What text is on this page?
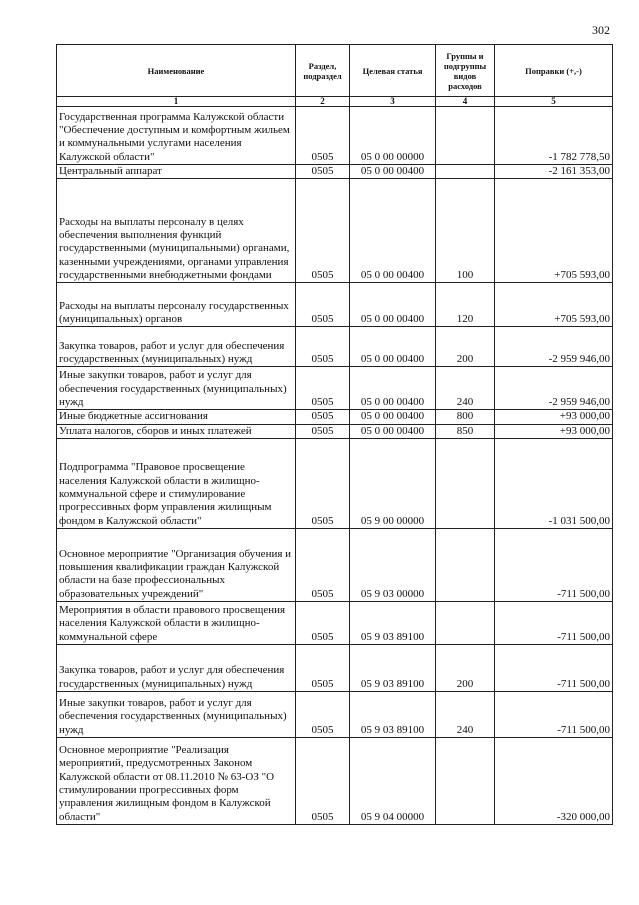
302
Наименование	Раздел, подраздел	Целевая статья	Группы и подгруппы видов расходов	Поправки (+,-)
1	2	3	4	5
Государственная программа Калужской области "Обеспечение доступным и комфортным жильем и коммунальными услугами населения Калужской области"	0505	05 0 00 00000		-1 782 778,50
Центральный аппарат	0505	05 0 00 00400		-2 161 353,00
Расходы на выплаты персоналу в целях обеспечения выполнения функций государственными (муниципальными) органами, казенными учреждениями, органами управления государственными внебюджетными фондами	0505	05 0 00 00400	100	+705 593,00
Расходы на выплаты персоналу государственных (муниципальных) органов	0505	05 0 00 00400	120	+705 593,00
Закупка товаров, работ и услуг для обеспечения государственных (муниципальных) нужд	0505	05 0 00 00400	200	-2 959 946,00
Иные закупки товаров, работ и услуг для обеспечения государственных (муниципальных) нужд	0505	05 0 00 00400	240	-2 959 946,00
Иные бюджетные ассигнования	0505	05 0 00 00400	800	+93 000,00
Уплата налогов, сборов и иных платежей	0505	05 0 00 00400	850	+93 000,00
Подпрограмма "Правовое просвещение населения Калужской области в жилищно-коммунальной сфере и стимулирование прогрессивных форм управления жилищным фондом в Калужской области"	0505	05 9 00 00000		-1 031 500,00
Основное мероприятие "Организация обучения и повышения квалификации граждан Калужской области на базе профессиональных образовательных учреждений"	0505	05 9 03 00000		-711 500,00
Мероприятия в области правового просвещения населения Калужской области в жилищно-коммунальной сфере	0505	05 9 03 89100		-711 500,00
Закупка товаров, работ и услуг для обеспечения государственных (муниципальных) нужд	0505	05 9 03 89100	200	-711 500,00
Иные закупки товаров, работ и услуг для обеспечения государственных (муниципальных) нужд	0505	05 9 03 89100	240	-711 500,00
Основное мероприятие "Реализация мероприятий, предусмотренных Законом Калужской области от 08.11.2010 № 63-ОЗ "О стимулировании прогрессивных форм управления жилищным фондом в Калужской области"	0505	05 9 04 00000		-320 000,00
